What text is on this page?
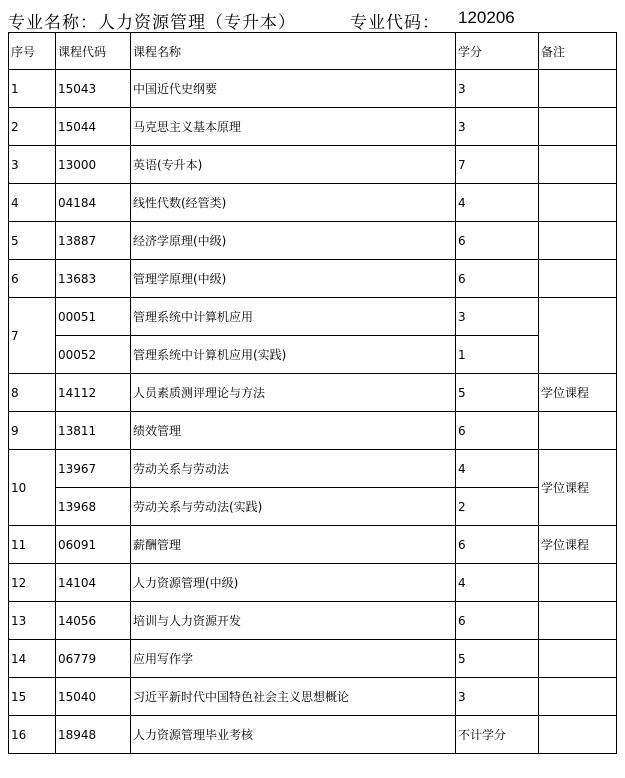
专业名称：人力资源管理（专升本）	专业代码： 120206
序号	课程代码	课程名称	学分	备注
1	15043	中国近代史纲要	3	
2	15044	马克思主义基本原理	3	
3	13000	英语(专升本)	7	
4	04184	线性代数(经管类)	4	
5	13887	经济学原理(中级)	6	
6	13683	管理学原理(中级)	6	
7	00051	管理系统中计算机应用	3	
	00052	管理系统中计算机应用(实践)	1	
8	14112	人员素质测评理论与方法	5	学位课程
9	13811	绩效管理	6	
10	13967	劳动关系与劳动法	4	学位课程
	13968	劳动关系与劳动法(实践)	2	
11	06091	薪酬管理	6	学位课程
12	14104	人力资源管理(中级)	4	
13	14056	培训与人力资源开发	6	
14	06779	应用写作学	5	
15	15040	习近平新时代中国特色社会主义思想概论	3	
16	18948	人力资源管理毕业考核	不计学分	
